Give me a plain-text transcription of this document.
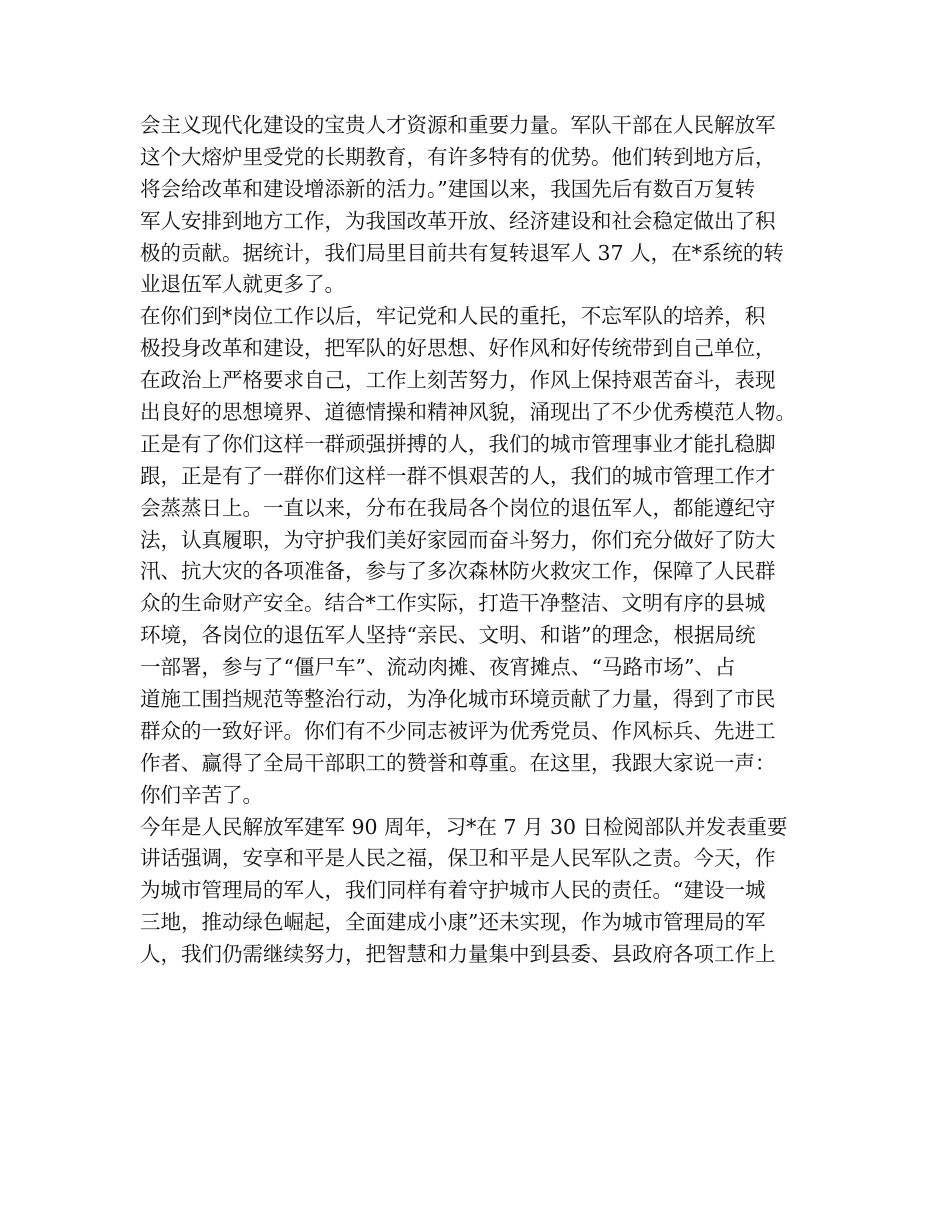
会主义现代化建设的宝贵人才资源和重要力量。军队干部在人民解放军
这个大熔炉里受党的长期教育，有许多特有的优势。他们转到地方后，
将会给改革和建设增添新的活力。”建国以来，我国先后有数百万复转
军人安排到地方工作，为我国改革开放、经济建设和社会稳定做出了积
极的贡献。据统计，我们局里目前共有复转退军人 37 人，在*系统的转
业退伍军人就更多了。
在你们到*岗位工作以后，牢记党和人民的重托，不忘军队的培养，积
极投身改革和建设，把军队的好思想、好作风和好传统带到自己单位，
在政治上严格要求自己，工作上刻苦努力，作风上保持艰苦奋斗，表现
出良好的思想境界、道德情操和精神风貌，涌现出了不少优秀模范人物。
正是有了你们这样一群顽强拼搏的人，我们的城市管理事业才能扎稳脚
跟，正是有了一群你们这样一群不惧艰苦的人，我们的城市管理工作才
会蒸蒸日上。一直以来，分布在我局各个岗位的退伍军人，都能遵纪守
法，认真履职，为守护我们美好家园而奋斗努力，你们充分做好了防大
汛、抗大灾的各项准备，参与了多次森林防火救灾工作，保障了人民群
众的生命财产安全。结合*工作实际，打造干净整洁、文明有序的县城
环境，各岗位的退伍军人坚持“亲民、文明、和谐”的理念，根据局统
一部署，参与了“僵尸车”、流动肉摊、夜宵摊点、“马路市场”、占
道施工围挡规范等整治行动，为净化城市环境贡献了力量，得到了市民
群众的一致好评。你们有不少同志被评为优秀党员、作风标兵、先进工
作者、赢得了全局干部职工的赞誉和尊重。在这里，我跟大家说一声：
你们辛苦了。
今年是人民解放军建军 90 周年，习*在 7 月 30 日检阅部队并发表重要
讲话强调，安享和平是人民之福，保卫和平是人民军队之责。今天，作
为城市管理局的军人，我们同样有着守护城市人民的责任。“建设一城
三地，推动绿色崛起，全面建成小康”还未实现，作为城市管理局的军
人，我们仍需继续努力，把智慧和力量集中到县委、县政府各项工作上
